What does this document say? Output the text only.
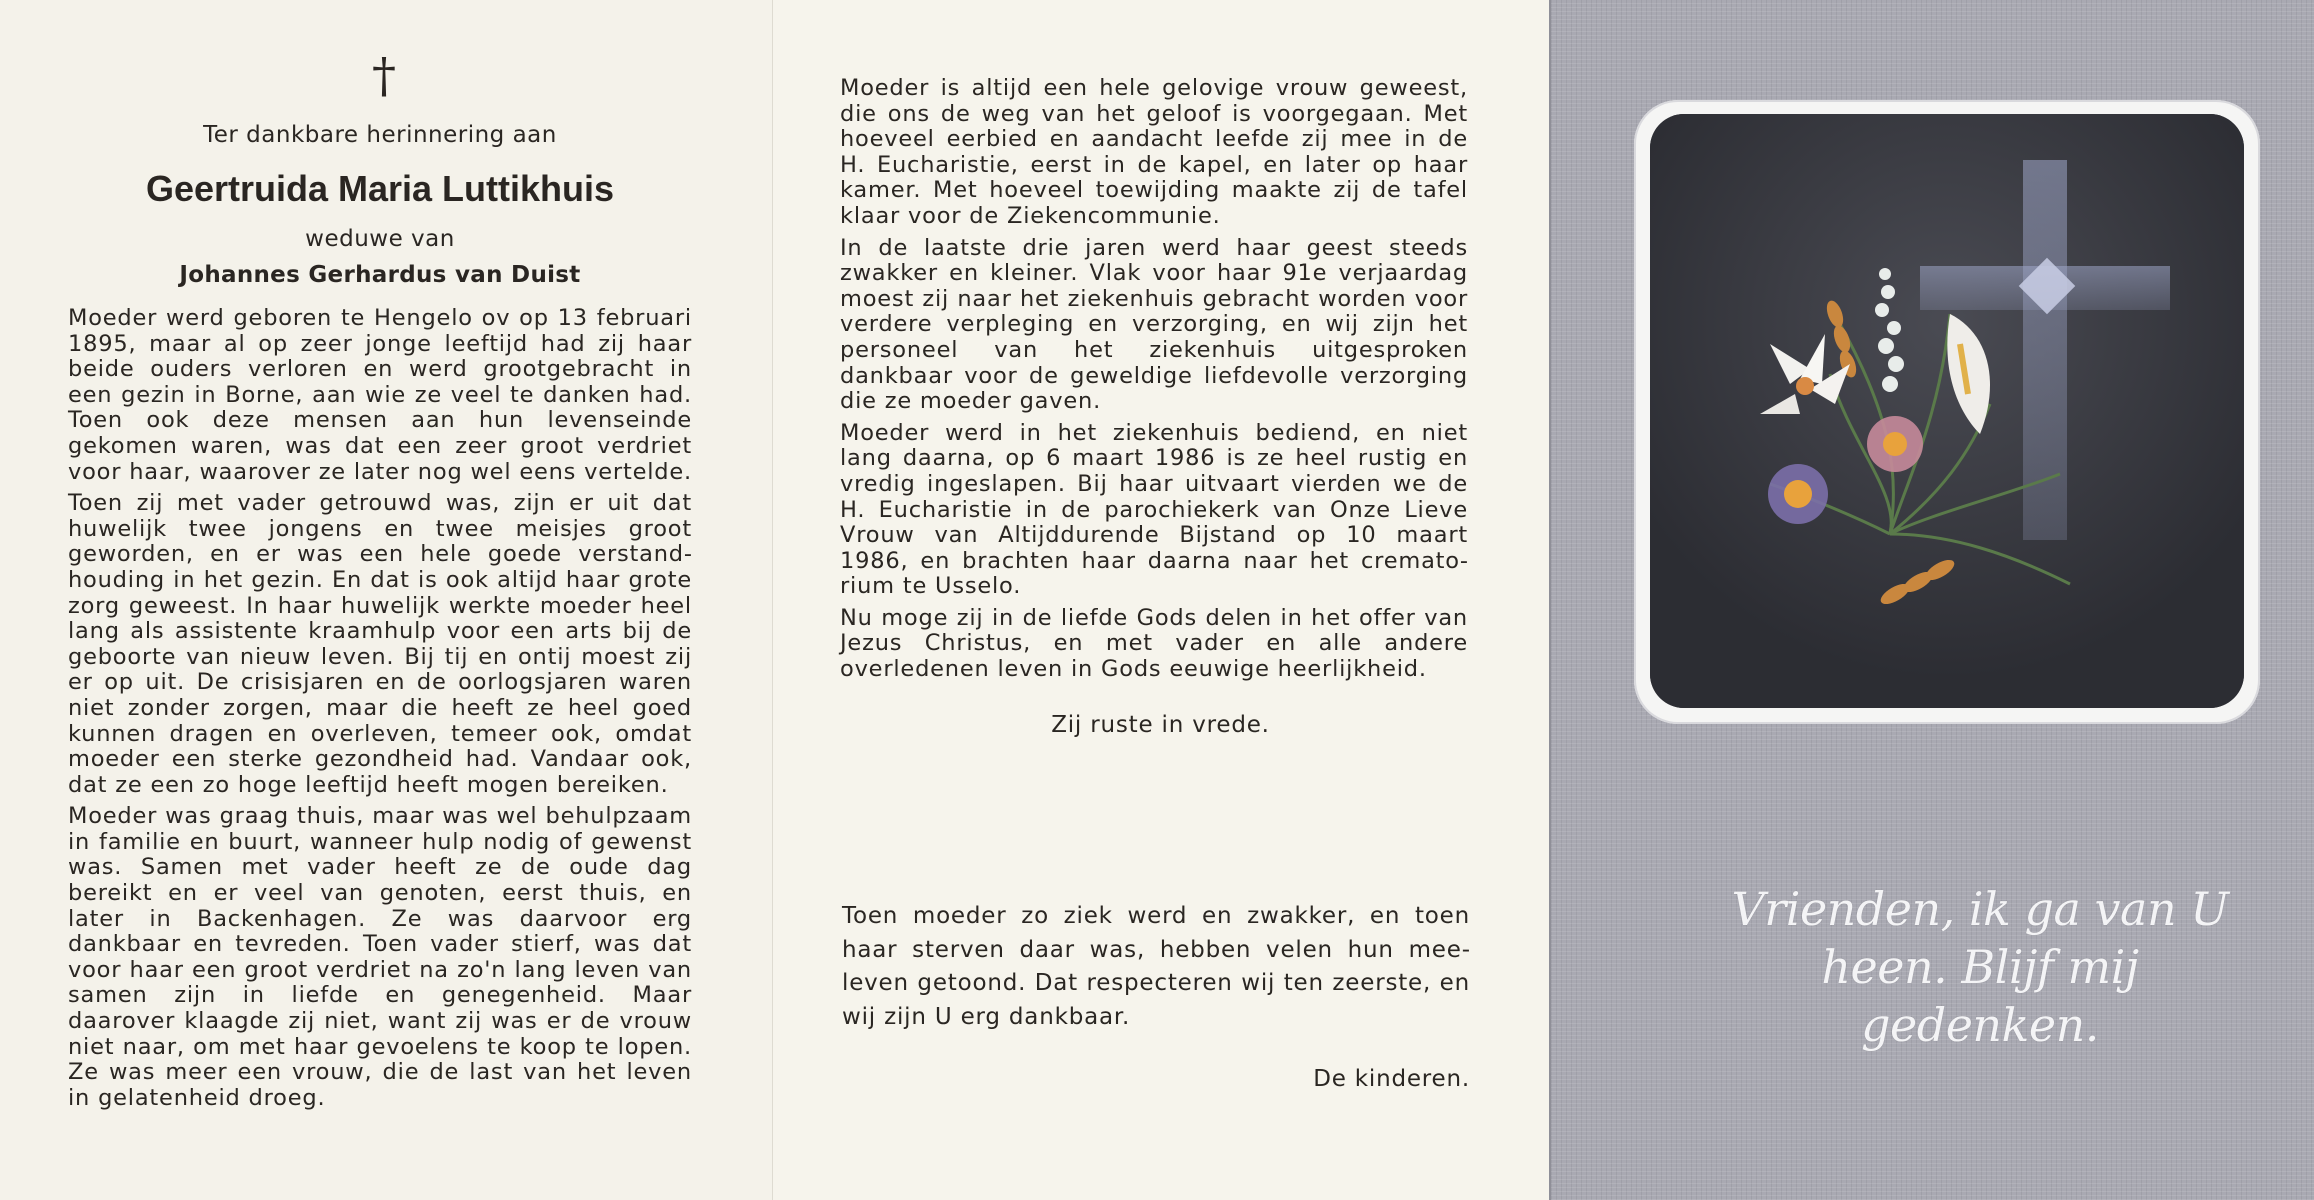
†
Ter dankbare herinnering aan
Geertruida Maria Luttikhuis
weduwe van
Johannes Gerhardus van Duist

Moeder werd geboren te Hengelo ov op 13 februari 1895, maar al op zeer jonge leeftijd had zij haar beide ouders verloren en werd grootgebracht in een gezin in Borne, aan wie ze veel te danken had. Toen ook deze mensen aan hun levenseinde gekomen waren, was dat een zeer groot verdriet voor haar, waarover ze later nog wel eens vertelde.

Toen zij met vader getrouwd was, zijn er uit dat huwelijk twee jongens en twee meisjes groot geworden, en er was een hele goede verstandhouding in het gezin. En dat is ook altijd haar grote zorg geweest. In haar huwelijk werkte moeder heel lang als assistente kraamhulp voor een arts bij de geboorte van nieuw leven. Bij tij en ontij moest zij er op uit. De crisisjaren en de oorlogsjaren waren niet zonder zorgen, maar die heeft ze heel goed kunnen dragen en overleven, temeer ook, omdat moeder een sterke gezondheid had. Vandaar ook, dat ze een zo hoge leeftijd heeft mogen bereiken.

Moeder was graag thuis, maar was wel behulpzaam in familie en buurt, wanneer hulp nodig of gewenst was. Samen met vader heeft ze de oude dag bereikt en er veel van genoten, eerst thuis, en later in Backenhagen. Ze was daarvoor erg dankbaar en tevreden. Toen vader stierf, was dat voor haar een groot verdriet na zo'n lang leven van samen zijn in liefde en genegenheid. Maar daarover klaagde zij niet, want zij was er de vrouw niet naar, om met haar gevoelens te koop te lopen. Ze was meer een vrouw, die de last van het leven in gelatenheid droeg.

Moeder is altijd een hele gelovige vrouw geweest, die ons de weg van het geloof is voorgegaan. Met hoeveel eerbied en aandacht leefde zij mee in de H. Eucharistie, eerst in de kapel, en later op haar kamer. Met hoeveel toewijding maakte zij de tafel klaar voor de Ziekencommunie.

In de laatste drie jaren werd haar geest steeds zwakker en kleiner. Vlak voor haar 91e verjaardag moest zij naar het ziekenhuis gebracht worden voor verdere verpleging en verzorging, en wij zijn het personeel van het ziekenhuis uitgesproken dankbaar voor de geweldige liefdevolle verzorging die ze moeder gaven.

Moeder werd in het ziekenhuis bediend, en niet lang daarna, op 6 maart 1986 is ze heel rustig en vredig ingeslapen. Bij haar uitvaart vierden we de H. Eucharistie in de parochiekerk van Onze Lieve Vrouw van Altijddurende Bijstand op 10 maart 1986, en brachten haar daarna naar het crematorium te Usselo.

Nu moge zij in de liefde Gods delen in het offer van Jezus Christus, en met vader en alle andere overledenen leven in Gods eeuwige heerlijkheid.

Zij ruste in vrede.

Toen moeder zo ziek werd en zwakker, en toen haar sterven daar was, hebben velen hun meeleven getoond. Dat respecteren wij ten zeerste, en wij zijn U erg dankbaar.

De kinderen.
Vrienden, ik ga van U
heen. Blijf mij gedenken.
